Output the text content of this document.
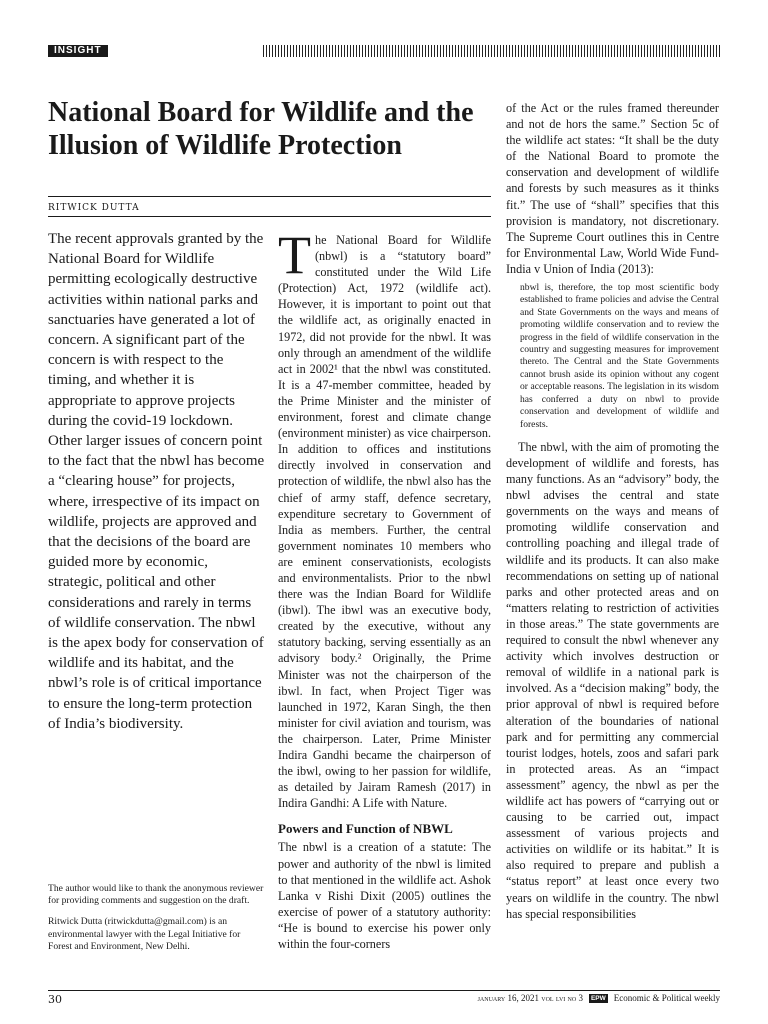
INSIGHT
National Board for Wildlife and the Illusion of Wildlife Protection
RITWICK DUTTA

The recent approvals granted by the National Board for Wildlife permitting ecologically destructive activities within national parks and sanctuaries have generated a lot of concern. A significant part of the concern is with respect to the timing, and whether it is appropriate to approve projects during the covid-19 lockdown. Other larger issues of concern point to the fact that the nbwl has become a “clearing house” for projects, where, irrespective of its impact on wildlife, projects are approved and that the decisions of the board are guided more by economic, strategic, political and other considerations and rarely in terms of wildlife conservation. The nbwl is the apex body for conservation of wildlife and its habitat, and the nbwl’s role is of critical importance to ensure the long-term protection of India’s biodiversity.

The National Board for Wildlife (nbwl) is a “statutory board” constituted under the Wild Life (Protection) Act, 1972 (wildlife act). However, it is important to point out that the wildlife act, as originally enacted in 1972, did not provide for the nbwl. It was only through an amendment of the wildlife act in 2002¹ that the nbwl was constituted. It is a 47-member committee, headed by the Prime Minister and the minister of environment, forest and climate change (environment minister) as vice chairperson. In addition to offices and institutions directly involved in conservation and protection of wildlife, the nbwl also has the chief of army staff, defence secretary, expenditure secretary to Government of India as members. Further, the central government nominates 10 members who are eminent conservationists, ecologists and environmentalists. Prior to the nbwl there was the Indian Board for Wildlife (ibwl). The ibwl was an executive body, created by the executive, without any statutory backing, serving essentially as an advisory body.² Originally, the Prime Minister was not the chairperson of the ibwl. In fact, when Project Tiger was launched in 1972, Karan Singh, the then minister for civil aviation and tourism, was the chairperson. Later, Prime Minister Indira Gandhi became the chairperson of the ibwl, owing to her passion for wildlife, as detailed by Jairam Ramesh (2017) in Indira Gandhi: A Life with Nature.

Powers and Function of NBWL

The nbwl is a creation of a statute: The power and authority of the nbwl is limited to that mentioned in the wildlife act. Ashok Lanka v Rishi Dixit (2005) outlines the exercise of power of a statutory authority: “He is bound to exercise his power only within the four-corners

of the Act or the rules framed thereunder and not de hors the same.” Section 5c of the wildlife act states: “It shall be the duty of the National Board to promote the conservation and development of wildlife and forests by such measures as it thinks fit.” The use of “shall” specifies that this provision is mandatory, not discretionary. The Supreme Court outlines this in Centre for Environmental Law, World Wide Fund-India v Union of India (2013):

nbwl is, therefore, the top most scientific body established to frame policies and advise the Central and State Governments on the ways and means of promoting wildlife conservation and to review the progress in the field of wildlife conservation in the country and suggesting measures for improvement thereto. The Central and the State Governments cannot brush aside its opinion without any cogent or acceptable reasons. The legislation in its wisdom has conferred a duty on nbwl to provide conservation and development of wildlife and forests.

The nbwl, with the aim of promoting the development of wildlife and forests, has many functions. As an “advisory” body, the nbwl advises the central and state governments on the ways and means of promoting wildlife conservation and controlling poaching and illegal trade of wildlife and its products. It can also make recommendations on setting up of national parks and other protected areas and on “matters relating to restriction of activities in those areas.” The state governments are required to consult the nbwl whenever any activity which involves destruction or removal of wildlife in a national park is involved. As a “decision making” body, the prior approval of nbwl is required before alteration of the boundaries of national park and for permitting any commercial tourist lodges, hotels, zoos and safari park in protected areas. As an “impact assessment” agency, the nbwl as per the wildlife act has powers of “carrying out or causing to be carried out, impact assessment of various projects and activities on wildlife or its habitat.” It is also required to prepare and publish a “status report” at least once every two years on wildlife in the country. The nbwl has special responsibilities

The author would like to thank the anonymous reviewer for providing comments and suggestion on the draft.

Ritwick Dutta (ritwickdutta@gmail.com) is an environmental lawyer with the Legal Initiative for Forest and Environment, New Delhi.

30	january 16, 2021 vol lvi no 3	EPW Economic & Political weekly
